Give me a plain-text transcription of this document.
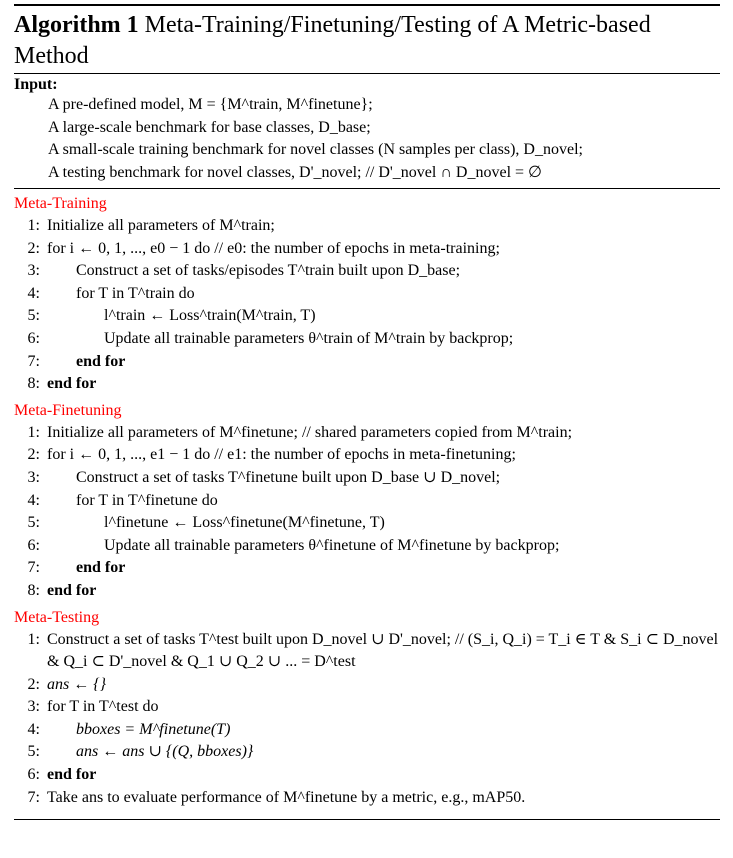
Algorithm 1 Meta-Training/Finetuning/Testing of A Metric-based Method
Input:
A pre-defined model, M = {M^train, M^finetune};
A large-scale benchmark for base classes, D_base;
A small-scale training benchmark for novel classes (N samples per class), D_novel;
A testing benchmark for novel classes, D'_novel; // D'_novel ∩ D_novel = ∅
Meta-Training
1: Initialize all parameters of M^train;
2: for i ← 0, 1, ..., e0 − 1 do // e0: the number of epochs in meta-training;
3:	Construct a set of tasks/episodes T^train built upon D_base;
4:	for T in T^train do
5:	l^train ← Loss^train(M^train, T)
6:	Update all trainable parameters θ^train of M^train by backprop;
7:	end for
8: end for
Meta-Finetuning
1: Initialize all parameters of M^finetune; // shared parameters copied from M^train;
2: for i ← 0, 1, ..., e1 − 1 do // e1: the number of epochs in meta-finetuning;
3:	Construct a set of tasks T^finetune built upon D_base ∪ D_novel;
4:	for T in T^finetune do
5:	l^finetune ← Loss^finetune(M^finetune, T)
6:	Update all trainable parameters θ^finetune of M^finetune by backprop;
7:	end for
8: end for
Meta-Testing
1: Construct a set of tasks T^test built upon D_novel ∪ D'_novel; // (S_i, Q_i) = T_i ∈ T & S_i ⊂ D_novel & Q_i ⊂ D'_novel & Q_1 ∪ Q_2 ∪ ... = D^test
2: ans ← {}
3: for T in T^test do
4:	bboxes = M^finetune(T)
5:	ans ← ans ∪ {(Q, bboxes)}
6: end for
7: Take ans to evaluate performance of M^finetune by a metric, e.g., mAP50.
